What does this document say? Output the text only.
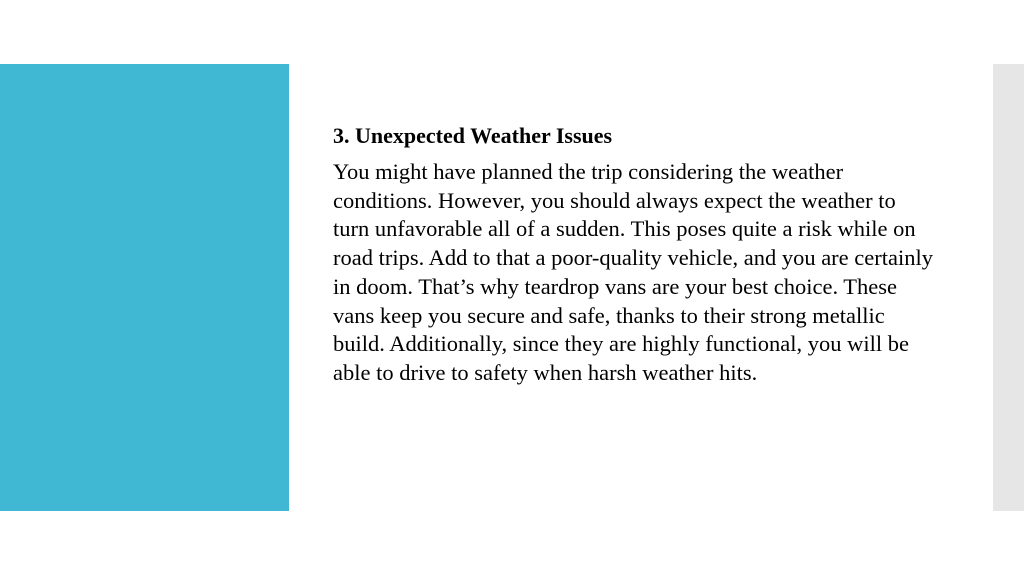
3. Unexpected Weather Issues

You might have planned the trip considering the weather conditions. However, you should always expect the weather to turn unfavorable all of a sudden. This poses quite a risk while on road trips. Add to that a poor-quality vehicle, and you are certainly in doom. That’s why teardrop vans are your best choice. These vans keep you secure and safe, thanks to their strong metallic build. Additionally, since they are highly functional, you will be able to drive to safety when harsh weather hits.
